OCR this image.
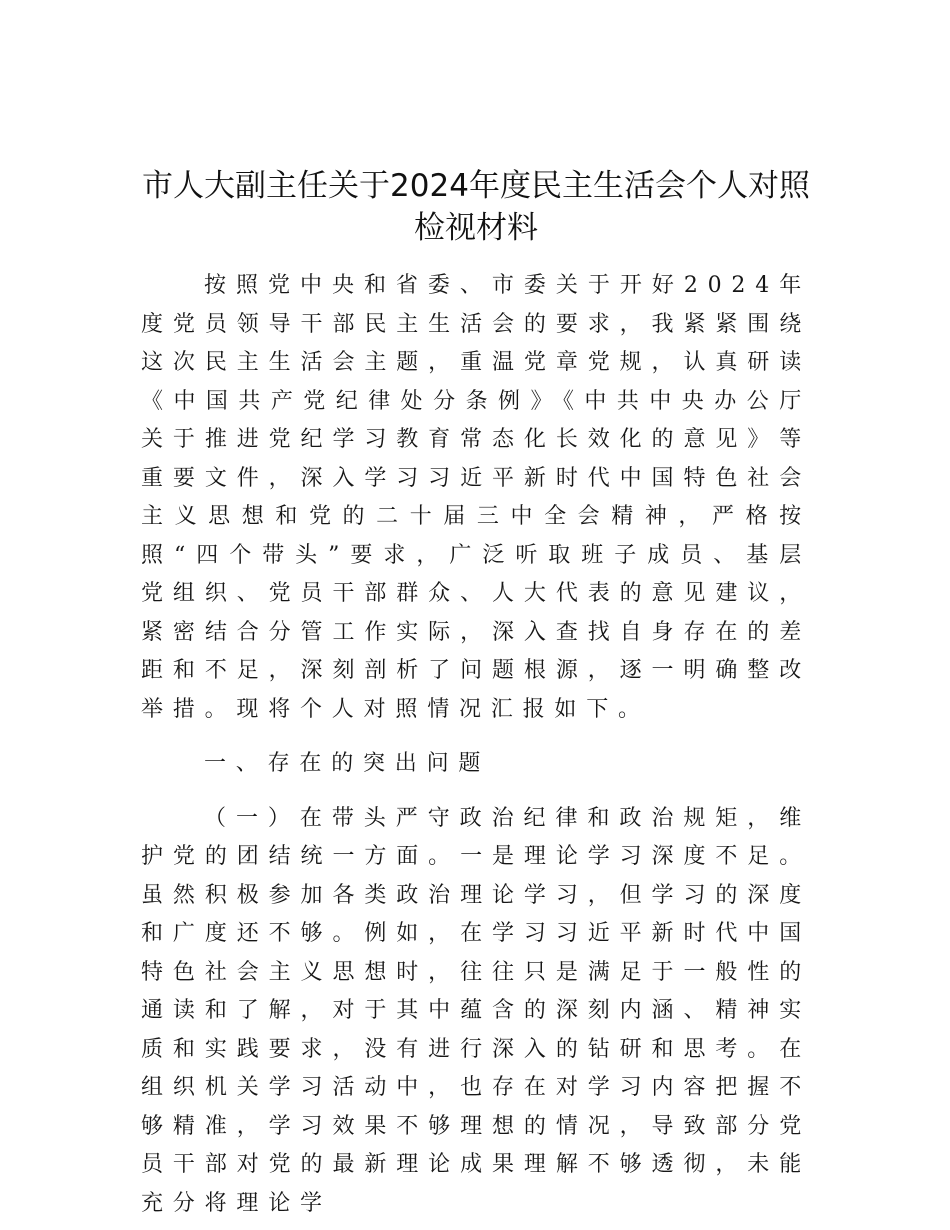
市人大副主任关于2024年度民主生活会个人对照检视材料

按照党中央和省委、市委关于开好2024年度党员领导干部民主生活会的要求，我紧紧围绕这次民主生活会主题，重温党章党规，认真研读《中国共产党纪律处分条例》《中共中央办公厅关于推进党纪学习教育常态化长效化的意见》等重要文件，深入学习习近平新时代中国特色社会主义思想和党的二十届三中全会精神，严格按照“四个带头”要求，广泛听取班子成员、基层党组织、党员干部群众、人大代表的意见建议，紧密结合分管工作实际，深入查找自身存在的差距和不足，深刻剖析了问题根源，逐一明确整改举措。现将个人对照情况汇报如下。

一、存在的突出问题

（一）在带头严守政治纪律和政治规矩，维护党的团结统一方面。一是理论学习深度不足。虽然积极参加各类政治理论学习，但学习的深度和广度还不够。例如，在学习习近平新时代中国特色社会主义思想时，往往只是满足于一般性的通读和了解，对于其中蕴含的深刻内涵、精神实质和实践要求，没有进行深入的钻研和思考。在组织机关学习活动中，也存在对学习内容把握不够精准，学习效果不够理想的情况，导致部分党员干部对党的最新理论成果理解不够透彻，未能充分将理论学
